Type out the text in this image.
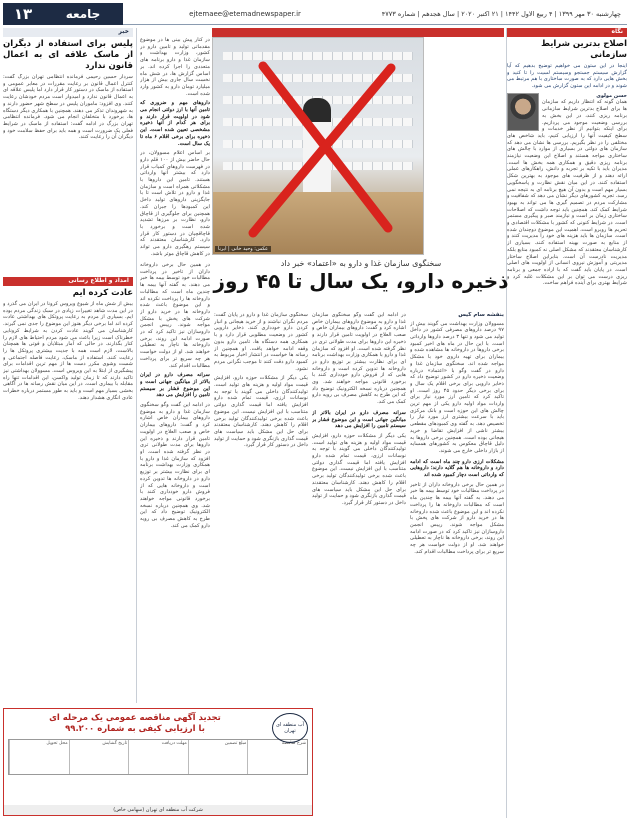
چهارشنبه ۳۰ مهر ۱۳۹۹ | ۴ ربیع الاول ۱۴۴۲ | ۲۱ اکتبر ۲۰۲۰ | سال هجدهم | شماره ۴۷۷۳
ejtemaee@etemadnewspaper.ir
جامعه
۱۳
نگاه
اصلاح بدترین شرایط سازمانی
اینجا در این ستون می خواهیم توضیح بدهیم که آیا گزارش سیستم جستجو وسیستم لسیت را تا کنید و بخش هایی دارد که به صورت ساختاری با هم مرتبط می شوند و در ادامه این ستون گزارش می شود.
حسن مولوی
همان گونه که انتظار داریم که سازمان ها برای اصلاح بدترین شرایط سازمانی برنامه ریزی کنند، در این بخش به بررسی وضعیت موجود می پردازیم. برای اینکه بتوانیم از نظر خدمات و سطح کیفیت آنها را ارزیابی کنیم، باید شاخص های مختلفی را در نظر بگیریم. بررسی ها نشان می دهد که سازمان های دولتی در بسیاری از موارد با چالش های ساختاری مواجه هستند و اصلاح این وضعیت نیازمند برنامه ریزی دقیق و همکاری همه بخش ها است. مدیران باید با تکیه بر تجربه و دانش، راهکارهای عملی ارائه دهند و از ظرفیت های موجود به بهترین شکل استفاده کنند. در این میان نقش نظارت و پاسخگویی بسیار مهم است و بدون آن هیچ برنامه ای به نتیجه نمی رسد. تجربه کشورهای دیگر نشان می دهد که شفافیت و مشارکت مردم در تصمیم گیری ها می تواند به بهبود شرایط کمک کند. همچنین باید توجه داشت که اصلاحات ساختاری زمان بر است و نیازمند صبر و پیگیری مستمر است. در شرایط کنونی که کشور با مشکلات اقتصادی و تحریم ها روبرو است، اهمیت این موضوع دوچندان شده است. سازمان ها باید هزینه های خود را مدیریت کنند و از منابع به صورت بهینه استفاده کنند. بسیاری از کارشناسان معتقدند که مشکل اصلی نه کمبود منابع بلکه مدیریت نادرست آن است. بنابراین اصلاح ساختار مدیریتی و آموزش نیروی انسانی از اولویت های اصلی است. در پایان باید گفت که با اراده جمعی و برنامه ریزی درست می توان بر این مشکلات غلبه کرد و شرایط بهتری برای آینده فراهم ساخت.
عکس: وحید خانی | ایرنا
در کنار پیش بینی ها در موضوع مقدماتی تولید و تامین دارو در کشور، وزارت بهداشت و سازمان غذا و دارو برنامه های متعددی را اجرا کرده اند. بر اساس گزارش ها، در شش ماه نخست سال جاری بیش از هزار میلیارد تومان دارو به کشور وارد شده است.
داروهای مهم و ضروری که تامین آنها با ارز دولتی انجام می شود در اولویت قرار دارند و برای هر کدام از آنها ذخیره مشخصی تعیین شده است. این ذخیره برای برخی اقلام ۶ ماه تا یک سال است.
بر اساس اعلام مسوولان، در حال حاضر بیش از ۱۰۰ قلم دارو در فهرست داروهای کمیاب قرار دارد که بیشتر آنها وارداتی هستند. تامین این داروها با مشکلاتی همراه است و سازمان غذا و دارو در تلاش است تا با جایگزینی داروهای تولید داخل این کمبودها را جبران کند. همچنین برای جلوگیری از قاچاق دارو، نظارت بر مرزها تشدید شده است و برخورد با قاچاقچیان در دستور کار قرار دارد. کارشناسان معتقدند که سیستم رهگیری دارو می تواند در کاهش قاچاق موثر باشد.
سخنگوی سازمان غذا و دارو به «اعتماد» خبر داد
ذخیره دارو، یک سال تا ۴۵ روز
بنفشه سام گیس
مسوولان وزارت بهداشت می گویند بیش از ۹۷ درصد داروهای مصرفی کشور در داخل تولید می شود و تنها ۳ درصد داروها وارداتی است. با این حال در ماه های اخیر کمبود برخی داروها در داروخانه ها مشاهده شده و بیماران برای تهیه داروی خود با مشکل مواجه شده اند. سخنگوی سازمان غذا و دارو در گفت وگو با «اعتماد» درباره وضعیت ذخیره دارو در کشور توضیح داد که ذخایر دارویی برای برخی اقلام یک سال و برای برخی دیگر حدود ۴۵ روز است. او تاکید کرد که تامین ارز مورد نیاز برای واردات مواد اولیه دارو یکی از مهم ترین چالش های این حوزه است و بانک مرکزی باید با سرعت بیشتری ارز مورد نیاز را تخصیص دهد. به گفته وی کمبودهای مقطعی بیشتر ناشی از افزایش تقاضا و خرید هیجانی بوده است. همچنین برخی داروها به دلیل قاچاق معکوس به کشورهای همسایه از بازار داخلی خارج می شوند.
مشکلات ارزی دارو چند ماه است که ادامه دارد و داروخانه ها هم گلایه دارند؛ داروهایی که وارداتی است دچار کمبود شده اند
در همین حال برخی داروخانه داران از تاخیر در پرداخت مطالبات خود توسط بیمه ها خبر می دهند. به گفته آنها بیمه ها چندین ماه است که مطالبات داروخانه ها را پرداخت نکرده اند و این موضوع باعث شده داروخانه ها در خرید دارو از شرکت های پخش با مشکل مواجه شوند. رییس انجمن داروسازان نیز تاکید کرد که در صورت ادامه این روند، برخی داروخانه ها ناچار به تعطیلی خواهند شد. او از دولت خواست هر چه سریع تر برای پرداخت مطالبات اقدام کند.
در ادامه این گفت وگو سخنگوی سازمان غذا و دارو به موضوع داروهای بیماران خاص اشاره کرد و گفت: داروهای بیماران خاص و صعب العلاج در اولویت تامین قرار دارند و ذخیره این داروها برای مدت طولانی تری در نظر گرفته شده است. او افزود که سازمان غذا و دارو با همکاری وزارت بهداشت برنامه ای برای نظارت بیشتر بر توزیع دارو در داروخانه ها تدوین کرده است و داروخانه هایی که از فروش دارو خودداری کنند با برخورد قانونی مواجه خواهند شد. وی همچنین درباره نسخه الکترونیک توضیح داد که این طرح به کاهش مصرف بی رویه دارو کمک می کند.
سرانه مصرف دارو در ایران بالاتر از میانگین جهانی است و این موضوع فشار بر سیستم تامین را افزایش می دهد
یکی دیگر از مشکلات حوزه دارو، افزایش قیمت مواد اولیه و هزینه های تولید است. تولیدکنندگان داخلی می گویند با توجه به نوسانات ارزی، قیمت تمام شده دارو افزایش یافته اما قیمت گذاری دولتی متناسب با این افزایش نیست. این موضوع باعث شده برخی تولیدکنندگان تولید برخی اقلام را کاهش دهند. کارشناسان معتقدند برای حل این مشکل باید سیاست های قیمت گذاری بازنگری شود و حمایت از تولید داخل در دستور کار قرار گیرد.
سخنگوی سازمان غذا و دارو در پایان گفت: مردم نگران نباشند و از خرید هیجانی و انبار کردن دارو خودداری کنند. ذخایر دارویی کشور در وضعیت مطلوبی قرار دارد و با همکاری همه دستگاه ها، تامین دارو بدون وقفه ادامه خواهد یافت. او همچنین از رسانه ها خواست در انتشار اخبار مربوط به کمبود دارو دقت کنند تا موجب نگرانی مردم نشود.
یکی دیگر از مشکلات حوزه دارو، افزایش قیمت مواد اولیه و هزینه های تولید است. تولیدکنندگان داخلی می گویند با توجه به نوسانات ارزی، قیمت تمام شده دارو افزایش یافته اما قیمت گذاری دولتی متناسب با این افزایش نیست. این موضوع باعث شده برخی تولیدکنندگان تولید برخی اقلام را کاهش دهند. کارشناسان معتقدند برای حل این مشکل باید سیاست های قیمت گذاری بازنگری شود و حمایت از تولید داخل در دستور کار قرار گیرد.
در همین حال برخی داروخانه داران از تاخیر در پرداخت مطالبات خود توسط بیمه ها خبر می دهند. به گفته آنها بیمه ها چندین ماه است که مطالبات داروخانه ها را پرداخت نکرده اند و این موضوع باعث شده داروخانه ها در خرید دارو از شرکت های پخش با مشکل مواجه شوند. رییس انجمن داروسازان نیز تاکید کرد که در صورت ادامه این روند، برخی داروخانه ها ناچار به تعطیلی خواهند شد. او از دولت خواست هر چه سریع تر برای پرداخت مطالبات اقدام کند.
سرانه مصرف دارو در ایران بالاتر از میانگین جهانی است و این موضوع فشار بر سیستم تامین را افزایش می دهد
در ادامه این گفت وگو سخنگوی سازمان غذا و دارو به موضوع داروهای بیماران خاص اشاره کرد و گفت: داروهای بیماران خاص و صعب العلاج در اولویت تامین قرار دارند و ذخیره این داروها برای مدت طولانی تری در نظر گرفته شده است. او افزود که سازمان غذا و دارو با همکاری وزارت بهداشت برنامه ای برای نظارت بیشتر بر توزیع دارو در داروخانه ها تدوین کرده است و داروخانه هایی که از فروش دارو خودداری کنند با برخورد قانونی مواجه خواهند شد. وی همچنین درباره نسخه الکترونیک توضیح داد که این طرح به کاهش مصرف بی رویه دارو کمک می کند.
خبر
پلیس برای استفاده از دیگران از ماسک علاقه ای به اعمال قانون ندارد
سردار حسین رحیمی فرمانده انتظامی تهران بزرگ گفت: کنترل اعمال قانون بر رعایت مقررات در معابر عمومی و استفاده از ماسک در دستور کار قرار دارد اما پلیس علاقه ای به اعمال قانون ندارد و امیدوار است مردم خودشان رعایت کنند. وی افزود: ماموران پلیس در سطح شهر حضور دارند و به شهروندان تذکر می دهند. همچنین با همکاری دیگر دستگاه ها، برخورد با متخلفان انجام می شود. فرمانده انتظامی تهران بزرگ در ادامه گفت: استفاده از ماسک در شرایط فعلی یک ضرورت است و همه باید برای حفظ سلامت خود و دیگران آن را رعایت کنند.
امداد و اطلاع رسانی
عادت کرده ایم
بیش از شش ماه از شیوع ویروس کرونا در ایران می گذرد و در این مدت شاهد تغییرات زیادی در سبک زندگی مردم بوده ایم. بسیاری از مردم به رعایت پروتکل های بهداشتی عادت کرده اند اما برخی دیگر هنوز این موضوع را جدی نمی گیرند. کارشناسان می گویند عادت کردن به شرایط کرونایی خطرناک است زیرا باعث می شود مردم احتیاط های لازم را کنار بگذارند. در حالی که آمار مبتلایان و فوتی ها همچنان بالاست، لازم است همه با جدیت بیشتری پروتکل ها را رعایت کنند. استفاده از ماسک، رعایت فاصله اجتماعی و شست وشوی مکرر دست ها از مهم ترین اقدامات برای پیشگیری از ابتلا به این ویروس است. مسوولان بهداشتی نیز تاکید دارند که تا زمان تولید واکسن، این اقدامات تنها راه مقابله با بیماری است. در این میان نقش رسانه ها در آگاهی بخشی بسیار مهم است و باید به طور مستمر درباره خطرات عادی انگاری هشدار دهند.
آب منطقه ای تهران
تجدید آگهی مناقصه عمومی یک مرحله ای
با ارزیابی کیفی به شماره ۹۹.۲۰۰
شرح مناقصه
مبلغ تضمین
مهلت دریافت
تاریخ گشایش
محل تحویل
شرکت آب منطقه ای تهران (سهامی خاص)
